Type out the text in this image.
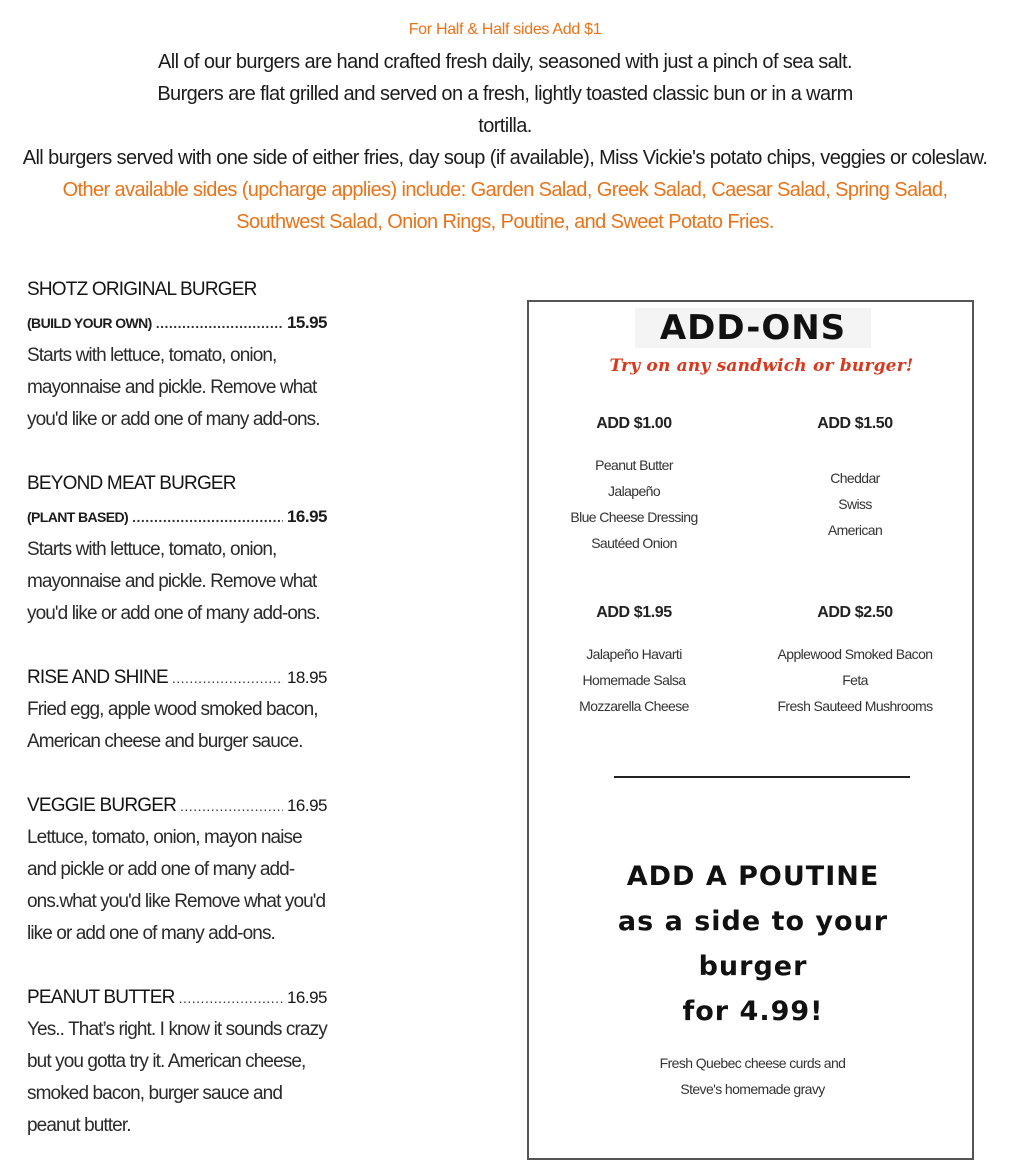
For Half & Half sides Add $1
All of our burgers are hand crafted fresh daily, seasoned with just a pinch of sea salt. Burgers are flat grilled and served on a fresh, lightly toasted classic bun or in a warm tortilla.
All burgers served with one side of either fries, day soup (if available), Miss Vickie's potato chips, veggies or coleslaw.
Other available sides (upcharge applies) include: Garden Salad, Greek Salad, Caesar Salad, Spring Salad, Southwest Salad, Onion Rings, Poutine, and Sweet Potato Fries.
SHOTZ ORIGINAL BURGER
(BUILD YOUR OWN) .....	15.95
Starts with lettuce, tomato, onion, mayonnaise and pickle. Remove what you'd like or add one of many add-ons.
BEYOND MEAT BURGER
(PLANT BASED) .....	16.95
Starts with lettuce, tomato, onion, mayonnaise and pickle. Remove what you'd like or add one of many add-ons.
RISE AND SHINE .....	18.95
Fried egg, apple wood smoked bacon, American cheese and burger sauce.
VEGGIE BURGER .....	16.95
Lettuce, tomato, onion, mayon naise and pickle or add one of many add-ons.what you'd like Remove what you'd like or add one of many add-ons.
PEANUT BUTTER .....	16.95
Yes.. That’s right. I know it sounds crazy but you gotta try it. American cheese, smoked bacon, burger sauce and peanut butter.
ADD-ONS
Try on any sandwich or burger!
ADD $1.00
Peanut Butter
Jalapeño
Blue Cheese Dressing
Sautéed Onion
ADD $1.50
Cheddar
Swiss
American
ADD $1.95
Jalapeño Havarti
Homemade Salsa
Mozzarella Cheese
ADD $2.50
Applewood Smoked Bacon
Feta
Fresh Sauteed Mushrooms
ADD A POUTINE
as a side to your burger
for 4.99!
Fresh Quebec cheese curds and
Steve's homemade gravy
